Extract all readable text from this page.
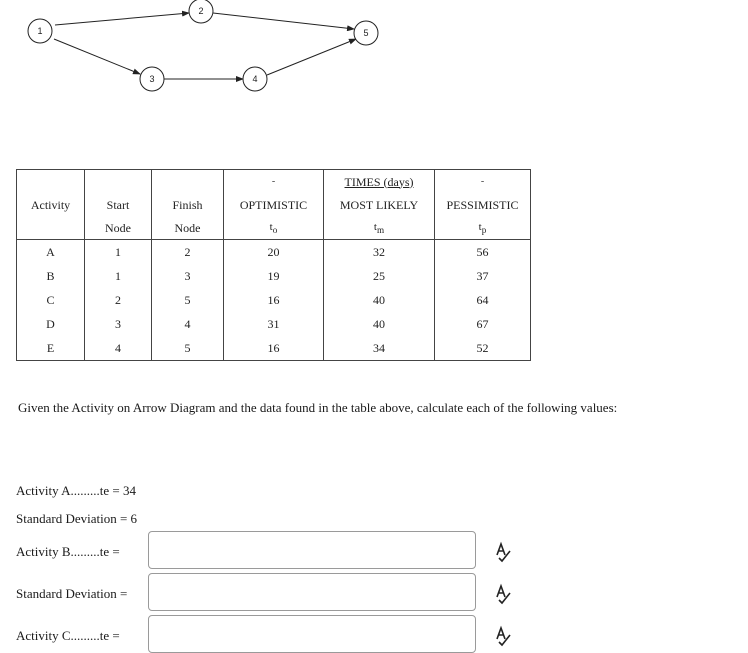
1
2
3	4
5

			-	TIMES (days)	-

Activity	Start	Finish	OPTIMISTIC	MOST LIKELY	PESSIMISTIC
	Node	Node	$t_o$	$t_m$	$t_p$
A	1	2	20	32	56
B	1	3	19	25	37
C	2	5	16	40	64
D	3	4	31	40	67
E	4	5	16	34	52

Given the Activity on Arrow Diagram and the data found in the table above, calculate each of the following values:

Activity A.........te = 34
Standard Deviation = 6
Activity B.........te =
Standard Deviation =
Activity C.........te =
